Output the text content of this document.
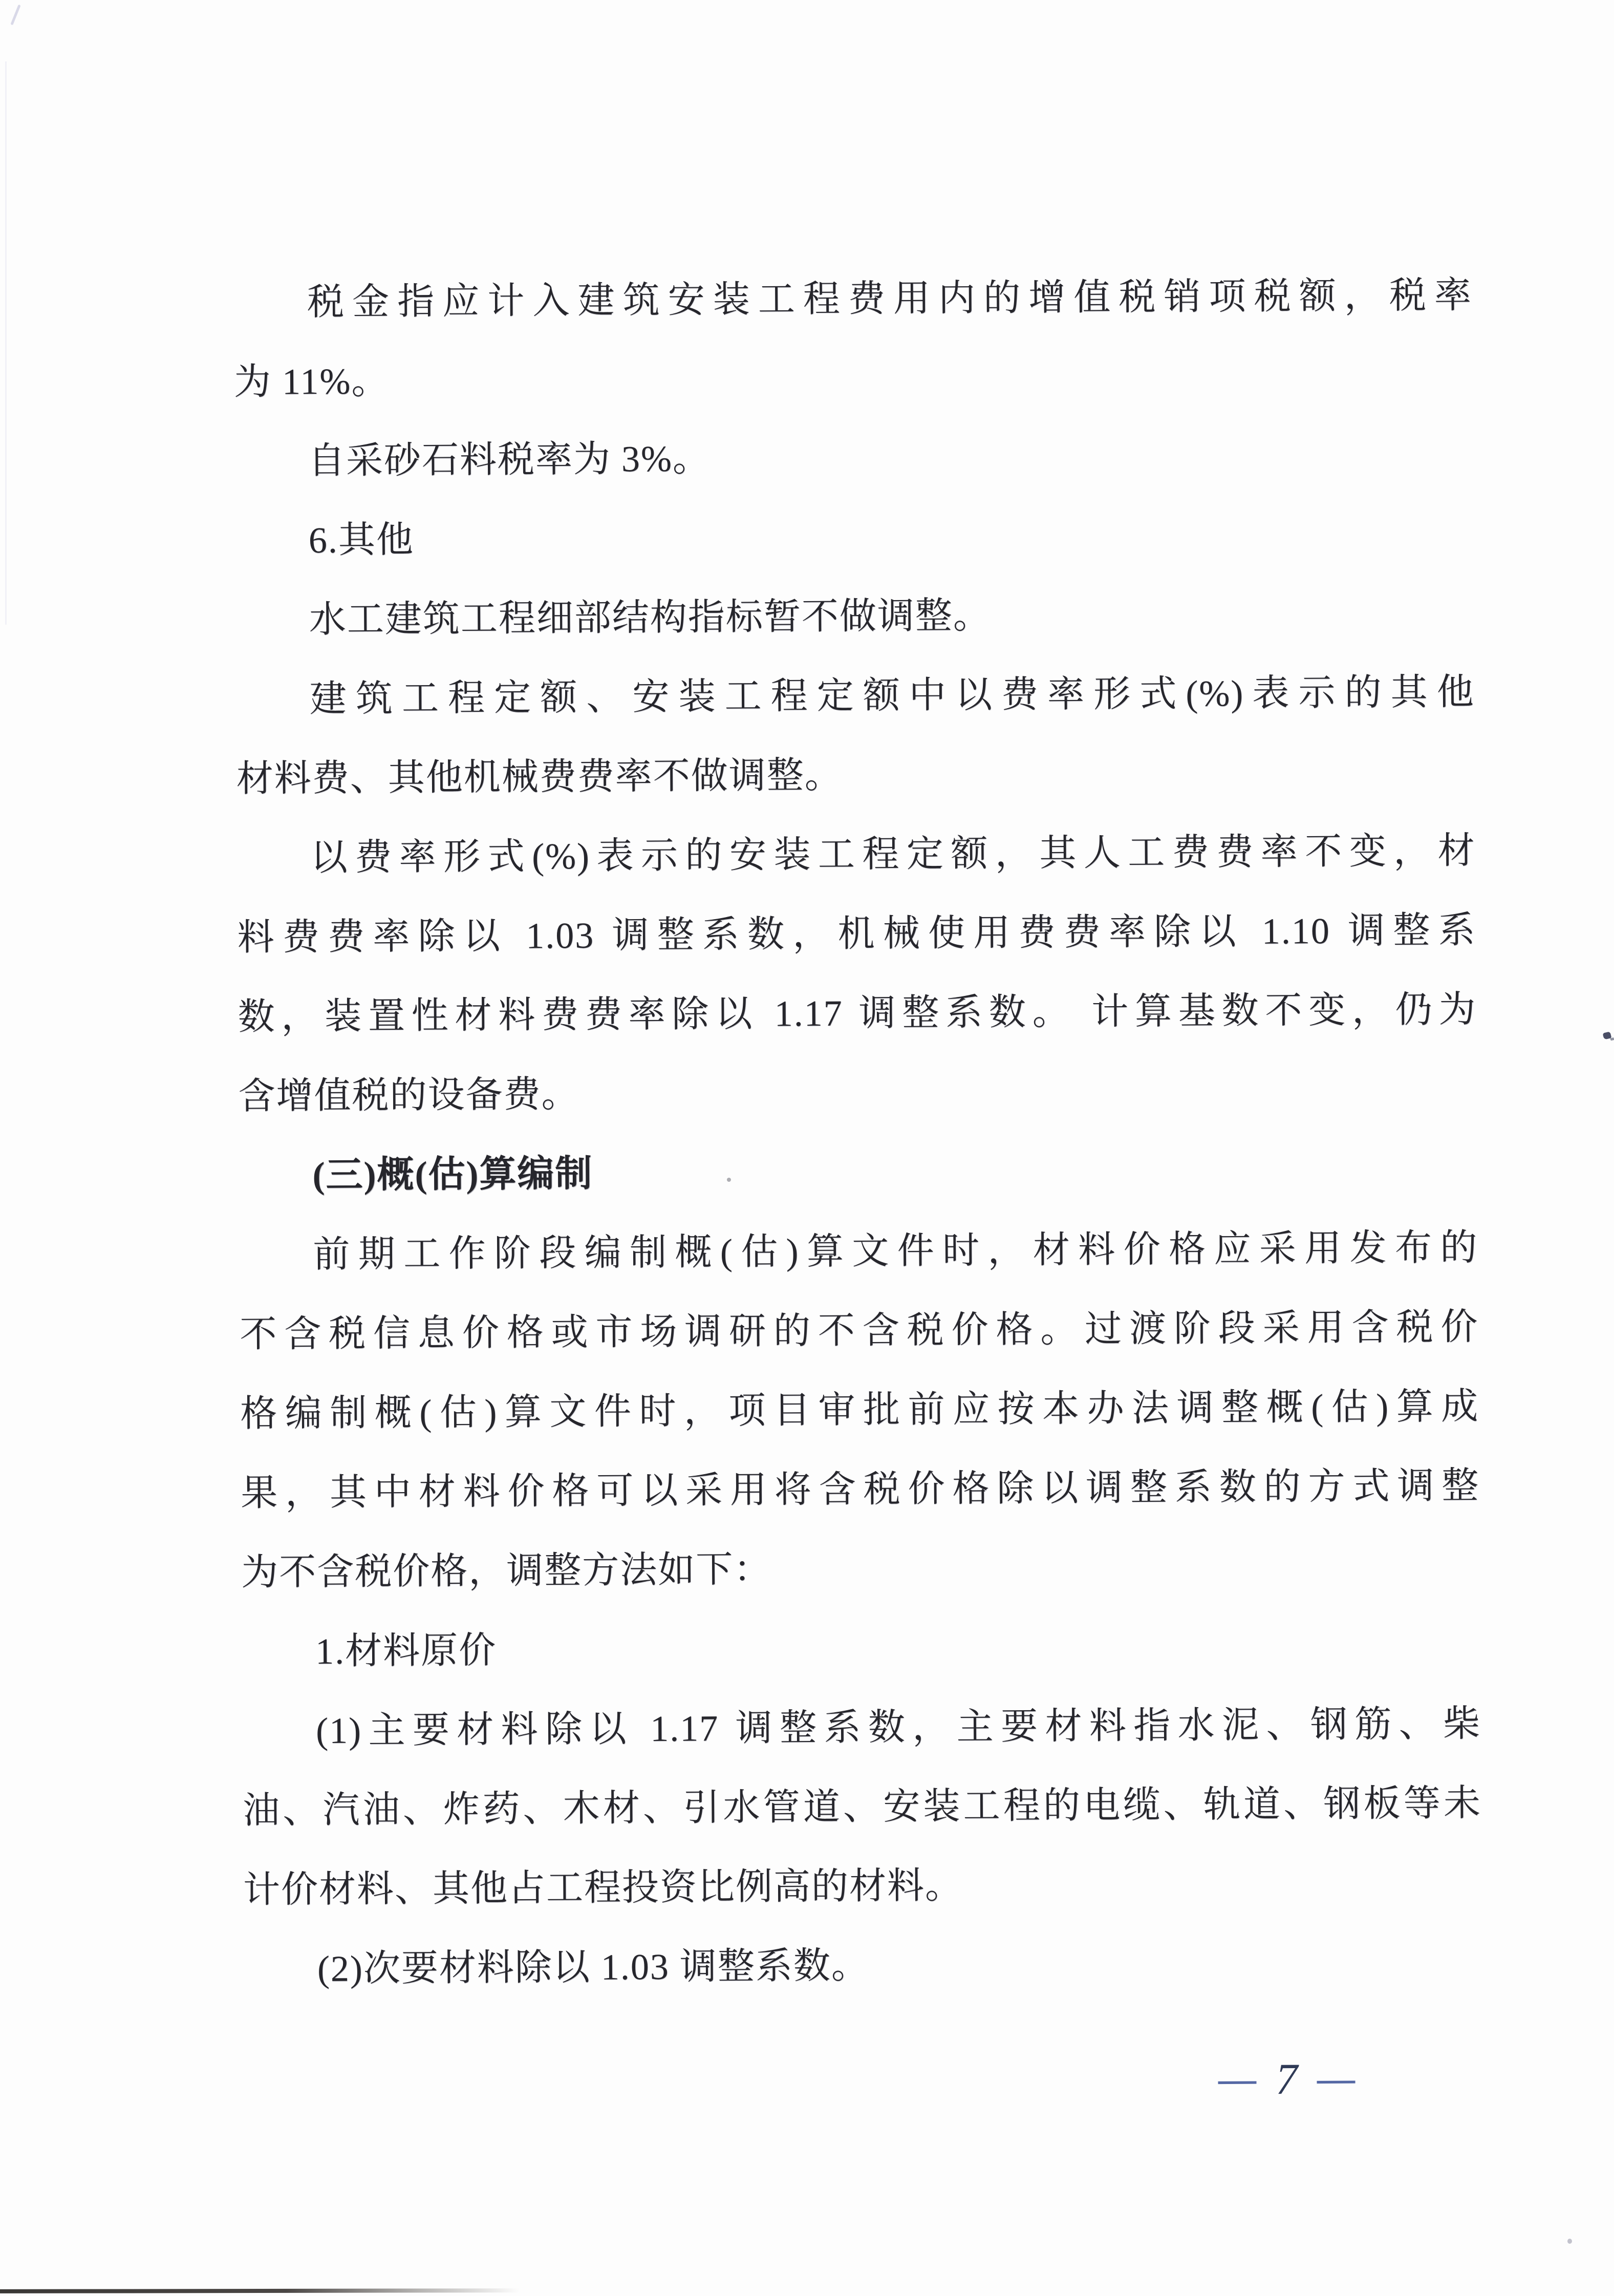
税金指应计入建筑安装工程费用内的增值税销项税额，税率
为 11%。
自采砂石料税率为 3%。
6.其他
水工建筑工程细部结构指标暂不做调整。
建筑工程定额、安装工程定额中以费率形式(%)表示的其他
材料费、其他机械费费率不做调整。
以费率形式(%)表示的安装工程定额，其人工费费率不变，材
料费费率除以 1.03 调整系数，机械使用费费率除以 1.10 调整系
数，装置性材料费费率除以 1.17 调整系数。 计算基数不变，仍为
含增值税的设备费。
(三)概(估)算编制
前期工作阶段编制概(估)算文件时，材料价格应采用发布的
不含税信息价格或市场调研的不含税价格。过渡阶段采用含税价
格编制概(估)算文件时，项目审批前应按本办法调整概(估)算成
果，其中材料价格可以采用将含税价格除以调整系数的方式调整
为不含税价格，调整方法如下：
1.材料原价
(1)主要材料除以 1.17 调整系数，主要材料指水泥、钢筋、柴
油、汽油、炸药、木材、引水管道、安装工程的电缆、轨道、钢板等未
计价材料、其他占工程投资比例高的材料。
(2)次要材料除以 1.03 调整系数。
— 7 —
